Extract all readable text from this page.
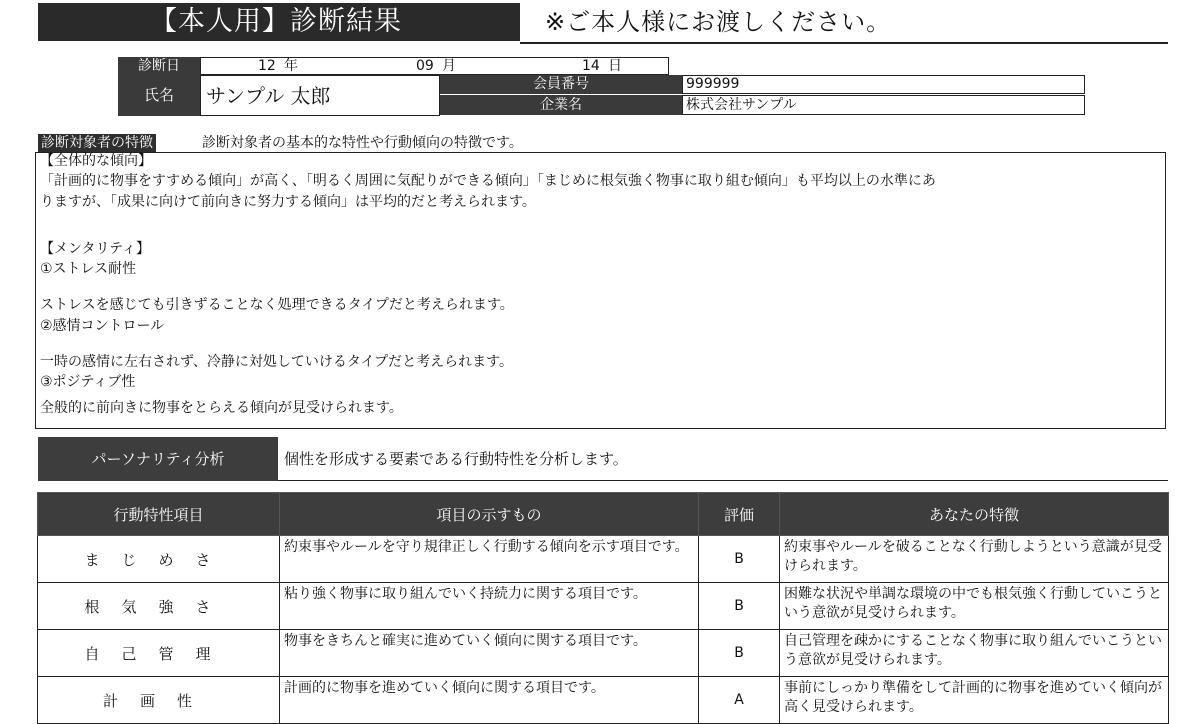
【本人用】診断結果	※ご本人様にお渡しください。
診断日	12 年	09 月	14 日
氏名	サンプル 太郎	会員番号	999999
企業名	株式会社サンプル
診断対象者の特徴	診断対象者の基本的な特性や行動傾向の特徴です。
【全体的な傾向】
「計画的に物事をすすめる傾向」が高く、「明るく周囲に気配りができる傾向」「まじめに根気強く物事に取り組む傾向」も平均以上の水準にあ
りますが、「成果に向けて前向きに努力する傾向」は平均的だと考えられます。
【メンタリティ】
①ストレス耐性
ストレスを感じても引きずることなく処理できるタイプだと考えられます。
②感情コントロール
一時の感情に左右されず、冷静に対処していけるタイプだと考えられます。
③ポジティブ性
全般的に前向きに物事をとらえる傾向が見受けられます。
パーソナリティ分析	個性を形成する要素である行動特性を分析します。
行動特性項目	項目の示すもの	評価	あなたの特徴
まじめさ	約束事やルールを守り規律正しく行動する傾向を示す項目です。	B	約束事やルールを破ることなく行動しようという意識が見受けられます。
根気強さ	粘り強く物事に取り組んでいく持続力に関する項目です。	B	困難な状況や単調な環境の中でも根気強く行動していこうという意欲が見受けられます。
自己管理	物事をきちんと確実に進めていく傾向に関する項目です。	B	自己管理を疎かにすることなく物事に取り組んでいこうという意欲が見受けられます。
計画性	計画的に物事を進めていく傾向に関する項目です。	A	事前にしっかり準備をして計画的に物事を進めていく傾向が高く見受けられます。
